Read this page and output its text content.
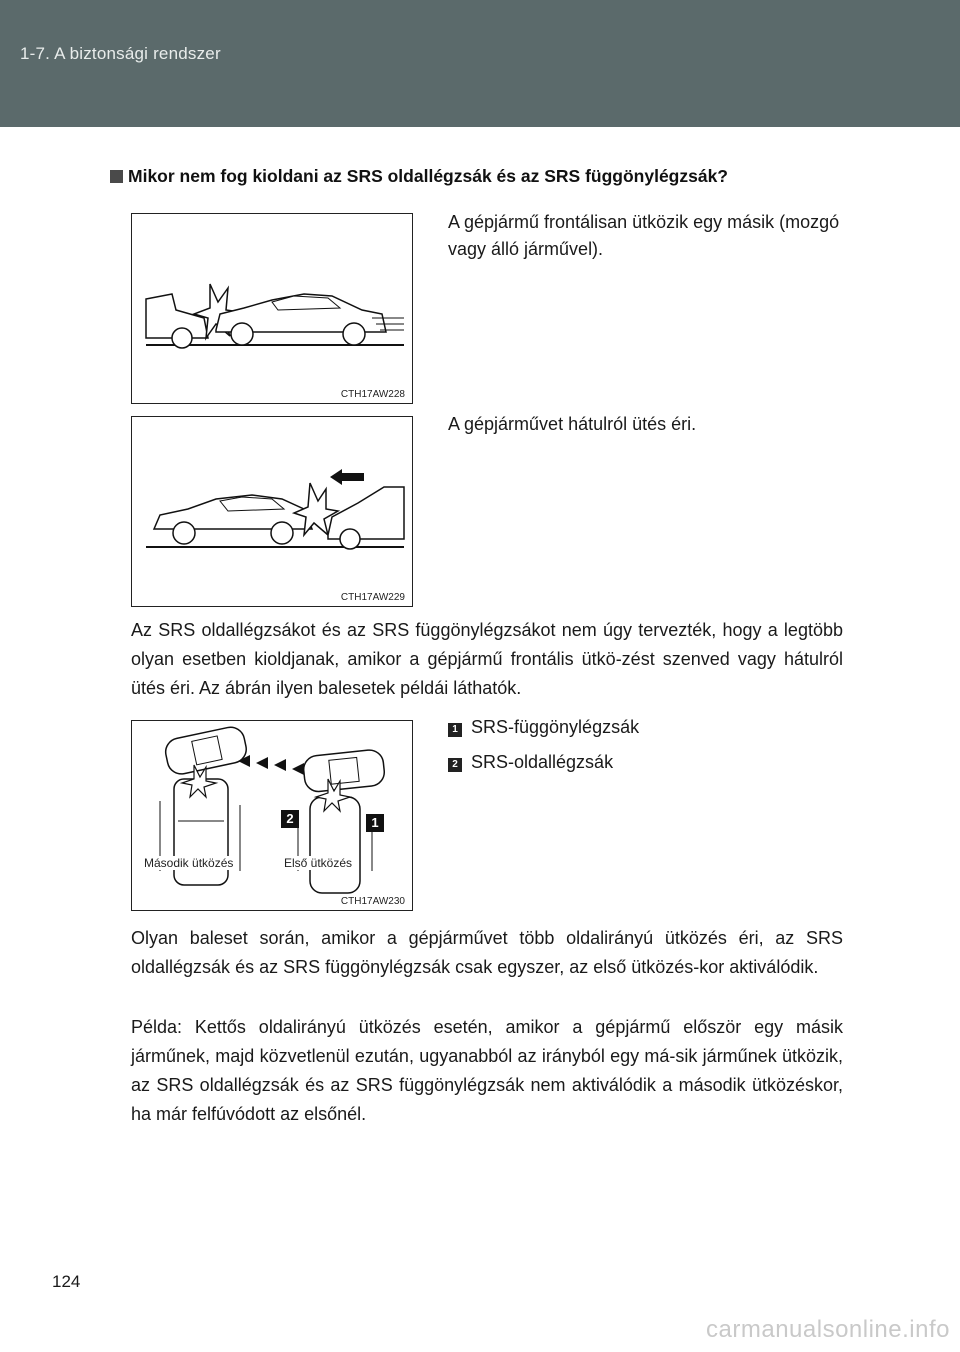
1-7. A biztonsági rendszer
Mikor nem fog kioldani az SRS oldallégzsák és az SRS függönylégzsák?
CTH17AW228
A gépjármű frontálisan ütközik egy másik (mozgó vagy álló járművel).
CTH17AW229
A gépjárművet hátulról ütés éri.
Az SRS oldallégzsákot és az SRS függönylégzsákot nem úgy tervezték, hogy a legtöbb olyan esetben kioldjanak, amikor a gépjármű frontális ütkö-zést szenved vagy hátulról ütés éri. Az ábrán ilyen balesetek példái láthatók.
2	1
Második ütközés	Első ütközés
CTH17AW230
1 SRS-függönylégzsák
2 SRS-oldallégzsák
Olyan baleset során, amikor a gépjárművet több oldalirányú ütközés éri, az SRS oldallégzsák és az SRS függönylégzsák csak egyszer, az első ütközés-kor aktiválódik.
Példa: Kettős oldalirányú ütközés esetén, amikor a gépjármű először egy másik járműnek, majd közvetlenül ezután, ugyanabból az irányból egy má-sik járműnek ütközik, az SRS oldallégzsák és az SRS függönylégzsák nem aktiválódik a második ütközéskor, ha már felfúvódott az elsőnél.
124
carmanualsonline.info
